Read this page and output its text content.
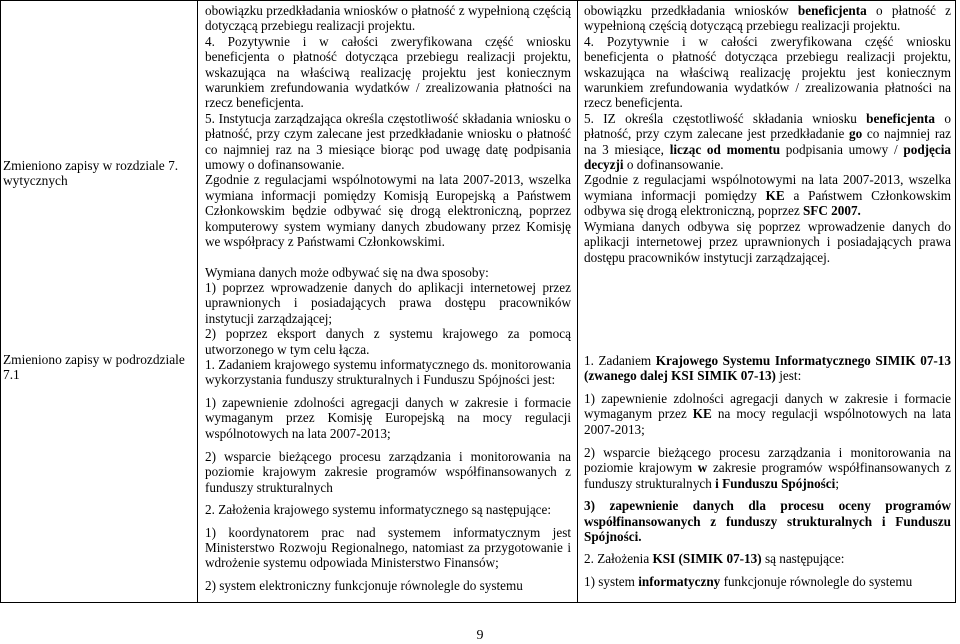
Zmieniono zapisy w rozdziale 7. wytycznych
Zmieniono zapisy w podrozdziale 7.1

obowiązku przedkładania wniosków o płatność z wypełnioną częścią dotyczącą przebiegu realizacji projektu.

4. Pozytywnie i w całości zweryfikowana część wniosku beneficjenta o płatność dotycząca przebiegu realizacji projektu, wskazująca na właściwą realizację projektu jest koniecznym warunkiem zrefundowania wydatków / zrealizowania płatności na rzecz beneficjenta.

5. Instytucja zarządzająca określa częstotliwość składania wniosku o płatność, przy czym zalecane jest przedkładanie wniosku o płatność co najmniej raz na 3 miesiące biorąc pod uwagę datę podpisania umowy o dofinansowanie.

Zgodnie z regulacjami wspólnotowymi na lata 2007-2013, wszelka wymiana informacji pomiędzy Komisją Europejską a Państwem Członkowskim będzie odbywać się drogą elektroniczną, poprzez komputerowy system wymiany danych zbudowany przez Komisję we współpracy z Państwami Członkowskimi.

Wymiana danych może odbywać się na dwa sposoby:

1) poprzez wprowadzenie danych do aplikacji internetowej przez uprawnionych i posiadających prawa dostępu pracowników instytucji zarządzającej;

2) poprzez eksport danych z systemu krajowego za pomocą utworzonego w tym celu łącza.

1. Zadaniem krajowego systemu informatycznego ds. monitorowania wykorzystania funduszy strukturalnych i Funduszu Spójności jest:

1) zapewnienie zdolności agregacji danych w zakresie i formacie wymaganym przez Komisję Europejską na mocy regulacji wspólnotowych na lata 2007-2013;

2) wsparcie bieżącego procesu zarządzania i monitorowania na poziomie krajowym zakresie programów współfinansowanych z funduszy strukturalnych

2. Założenia krajowego systemu informatycznego są następujące:

1) koordynatorem prac nad systemem informatycznym jest Ministerstwo Rozwoju Regionalnego, natomiast za przygotowanie i wdrożenie systemu odpowiada Ministerstwo Finansów;

2) system elektroniczny funkcjonuje równolegle do systemu

obowiązku przedkładania wniosków beneficjenta o płatność z wypełnioną częścią dotyczącą przebiegu realizacji projektu.

4. Pozytywnie i w całości zweryfikowana część wniosku beneficjenta o płatność dotycząca przebiegu realizacji projektu, wskazująca na właściwą realizację projektu jest koniecznym warunkiem zrefundowania wydatków / zrealizowania płatności na rzecz beneficjenta.

5. IZ określa częstotliwość składania wniosku beneficjenta o płatność, przy czym zalecane jest przedkładanie go co najmniej raz na 3 miesiące, licząc od momentu podpisania umowy / podjęcia decyzji o dofinansowanie.

Zgodnie z regulacjami wspólnotowymi na lata 2007-2013, wszelka wymiana informacji pomiędzy KE a Państwem Członkowskim odbywa się drogą elektroniczną, poprzez SFC 2007.

Wymiana danych odbywa się poprzez wprowadzenie danych do aplikacji internetowej przez uprawnionych i posiadających prawa dostępu pracowników instytucji zarządzającej.

1. Zadaniem Krajowego Systemu Informatycznego SIMIK 07-13 (zwanego dalej KSI SIMIK 07-13) jest:

1) zapewnienie zdolności agregacji danych w zakresie i formacie wymaganym przez KE na mocy regulacji wspólnotowych na lata 2007-2013;

2) wsparcie bieżącego procesu zarządzania i monitorowania na poziomie krajowym w zakresie programów współfinansowanych z funduszy strukturalnych i Funduszu Spójności;

3) zapewnienie danych dla procesu oceny programów współfinansowanych z funduszy strukturalnych i Funduszu Spójności.

2. Założenia KSI (SIMIK 07-13) są następujące:

1) system informatyczny funkcjonuje równolegle do systemu

9
